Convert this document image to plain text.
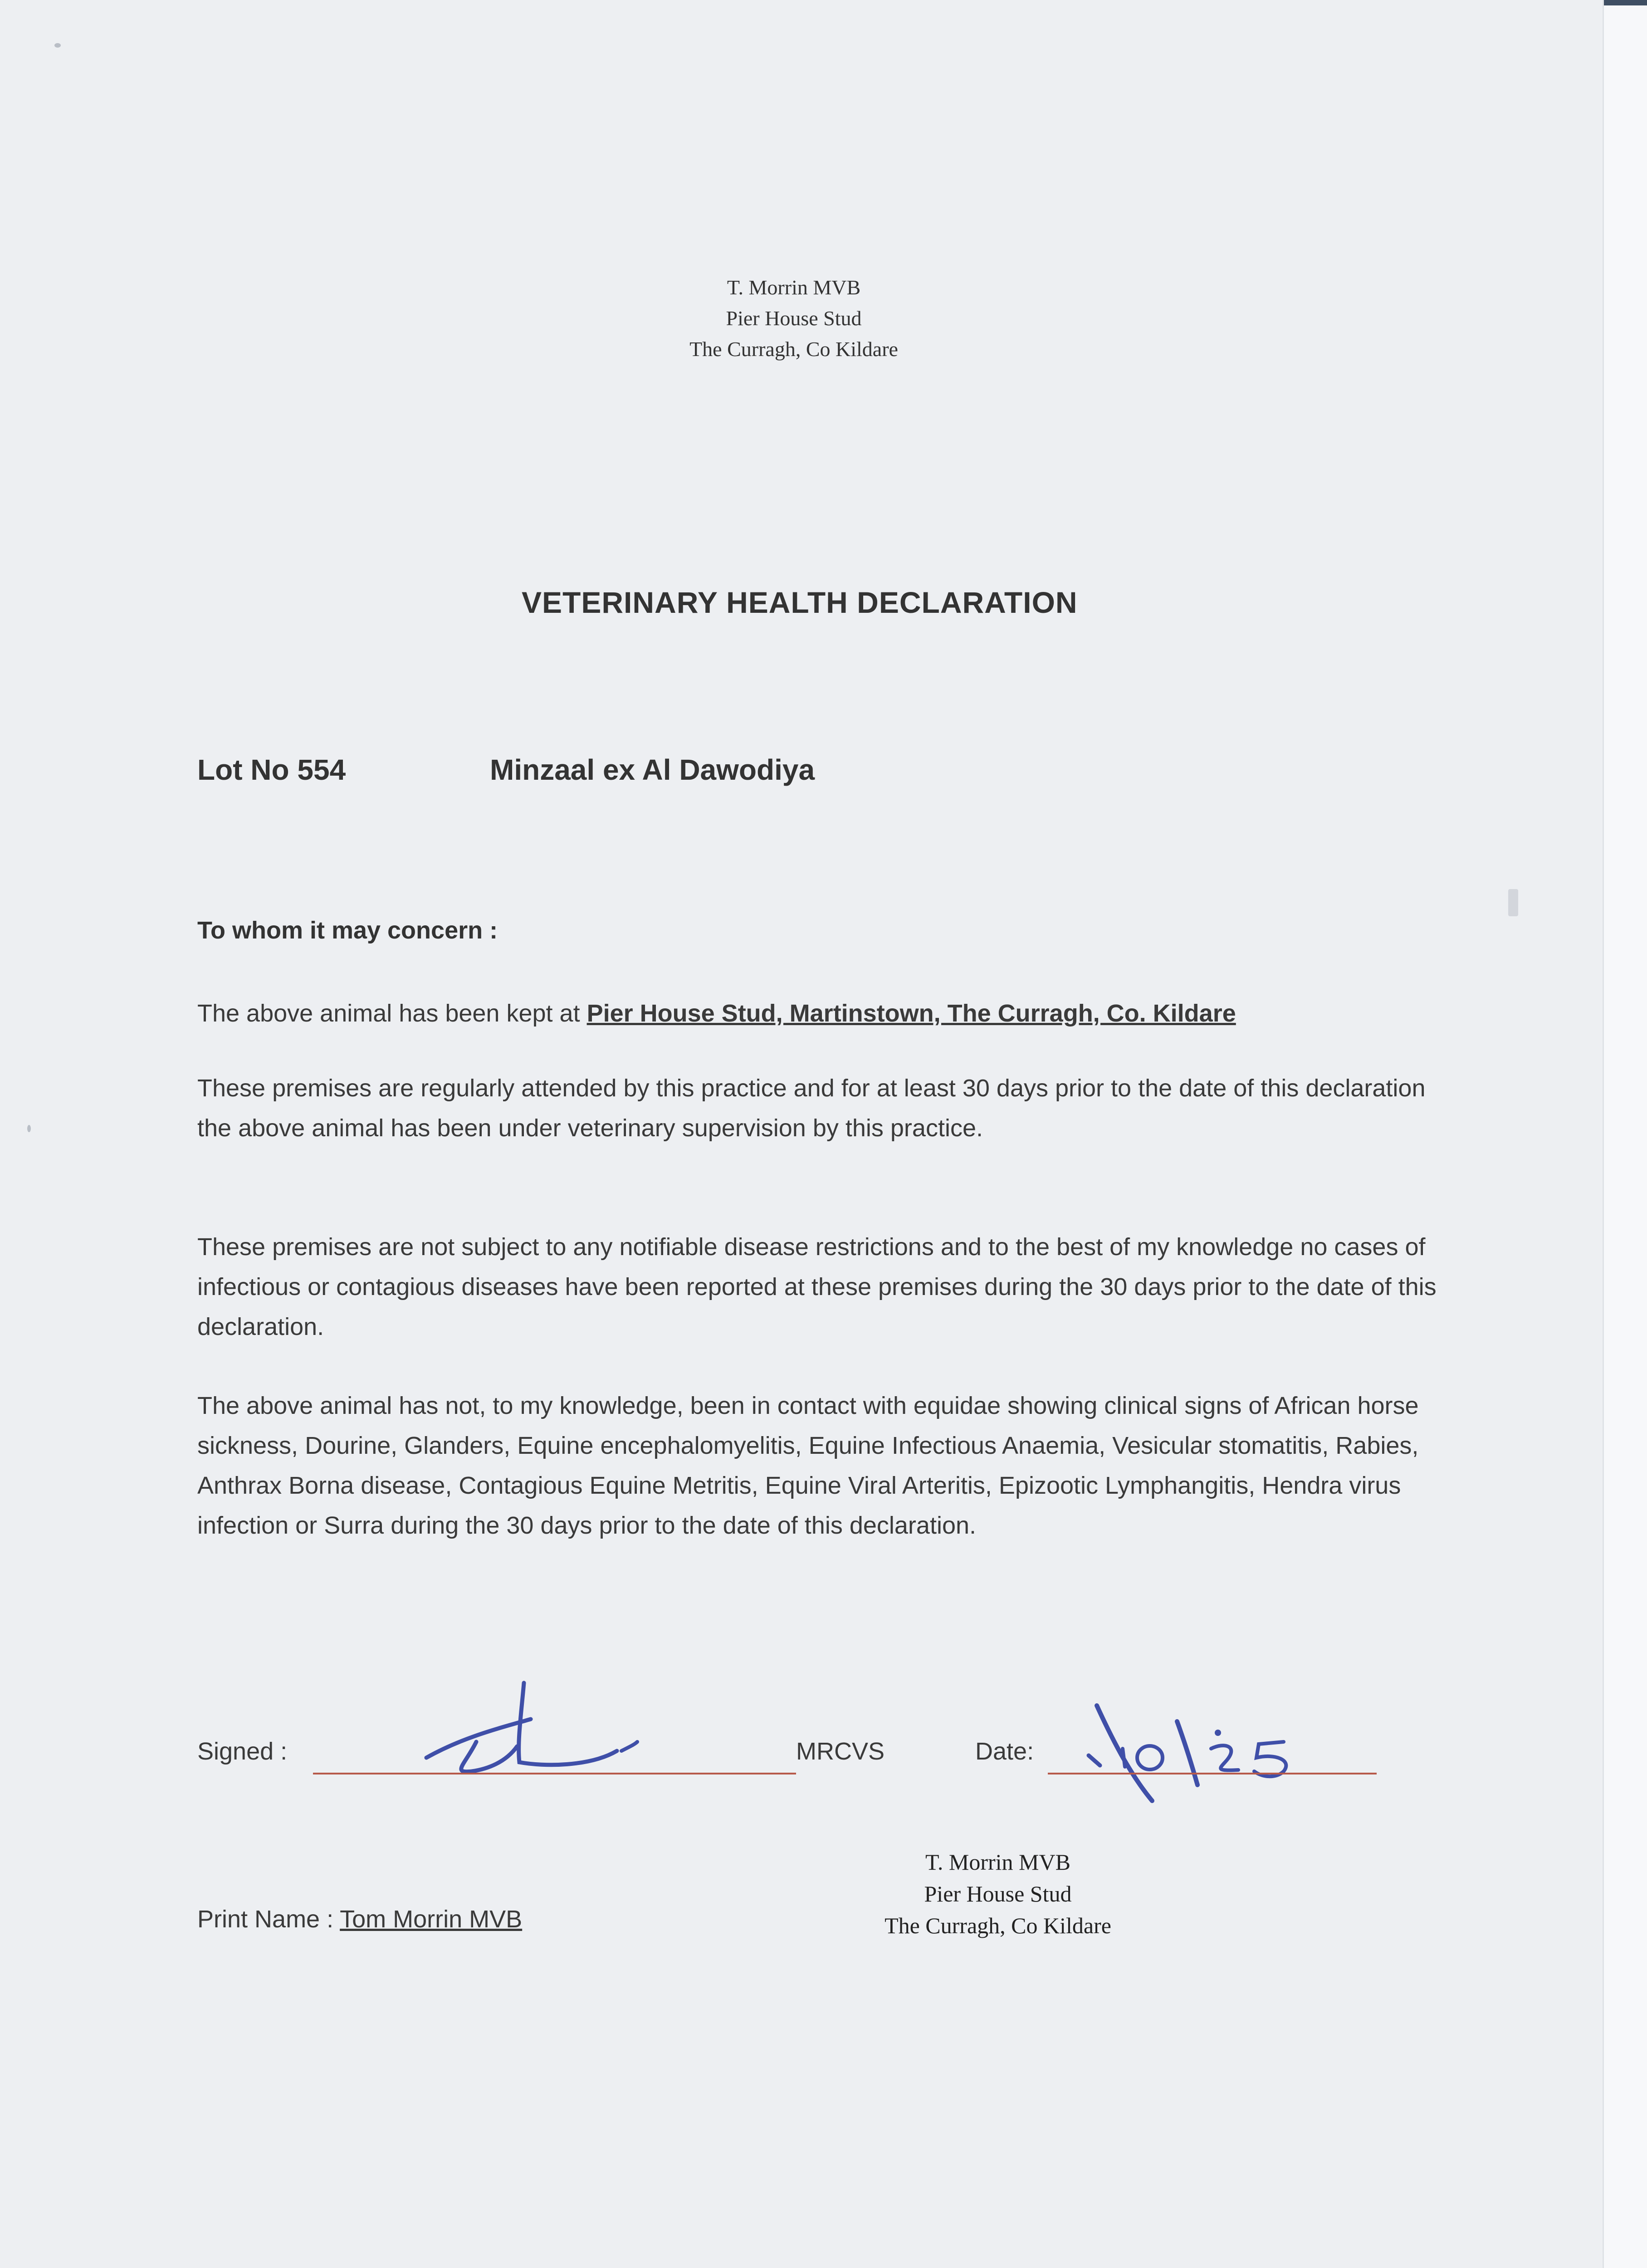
T. Morrin MVB
Pier House Stud
The Curragh, Co Kildare
VETERINARY HEALTH DECLARATION
Lot No 554	Minzaal ex Al Dawodiya
To whom it may concern :
The above animal has been kept at Pier House Stud, Martinstown, The Curragh, Co. Kildare
These premises are regularly attended by this practice and for at least 30 days prior to the date of this declaration the above animal has been under veterinary supervision by this practice.
These premises are not subject to any notifiable disease restrictions and to the best of my knowledge no cases of infectious or contagious diseases have been reported at these premises during the 30 days prior to the date of this declaration.
The above animal has not, to my knowledge, been in contact with equidae showing clinical signs of African horse sickness, Dourine, Glanders, Equine encephalomyelitis, Equine Infectious Anaemia, Vesicular stomatitis, Rabies, Anthrax Borna disease, Contagious Equine Metritis, Equine Viral Arteritis, Epizootic Lymphangitis, Hendra virus infection or Surra during the 30 days prior to the date of this declaration.
Signed :	MRCVS	Date:
Print Name : Tom Morrin MVB
T. Morrin MVB
Pier House Stud
The Curragh, Co Kildare
